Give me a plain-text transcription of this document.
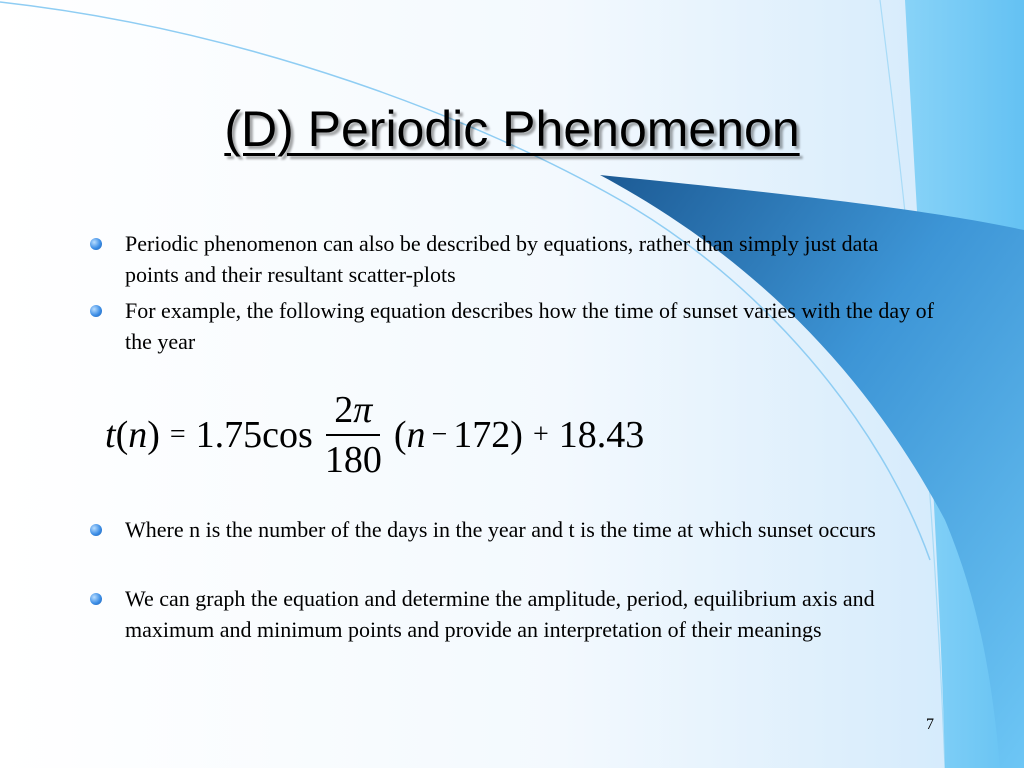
(D) Periodic Phenomenon
Periodic phenomenon can also be described by equations, rather than simply just data points and their resultant scatter-plots
For example, the following equation describes how the time of sunset varies with the day of the year
Where n is the number of the days in the year and t is the time at which sunset occurs
We can graph the equation and determine the amplitude, period, equilibrium axis and maximum and minimum points and provide an interpretation of their meanings
t ( n ) = 1.75 $\cos \frac{2\pi}{180}$ ( n − 172) + 18.43
7
